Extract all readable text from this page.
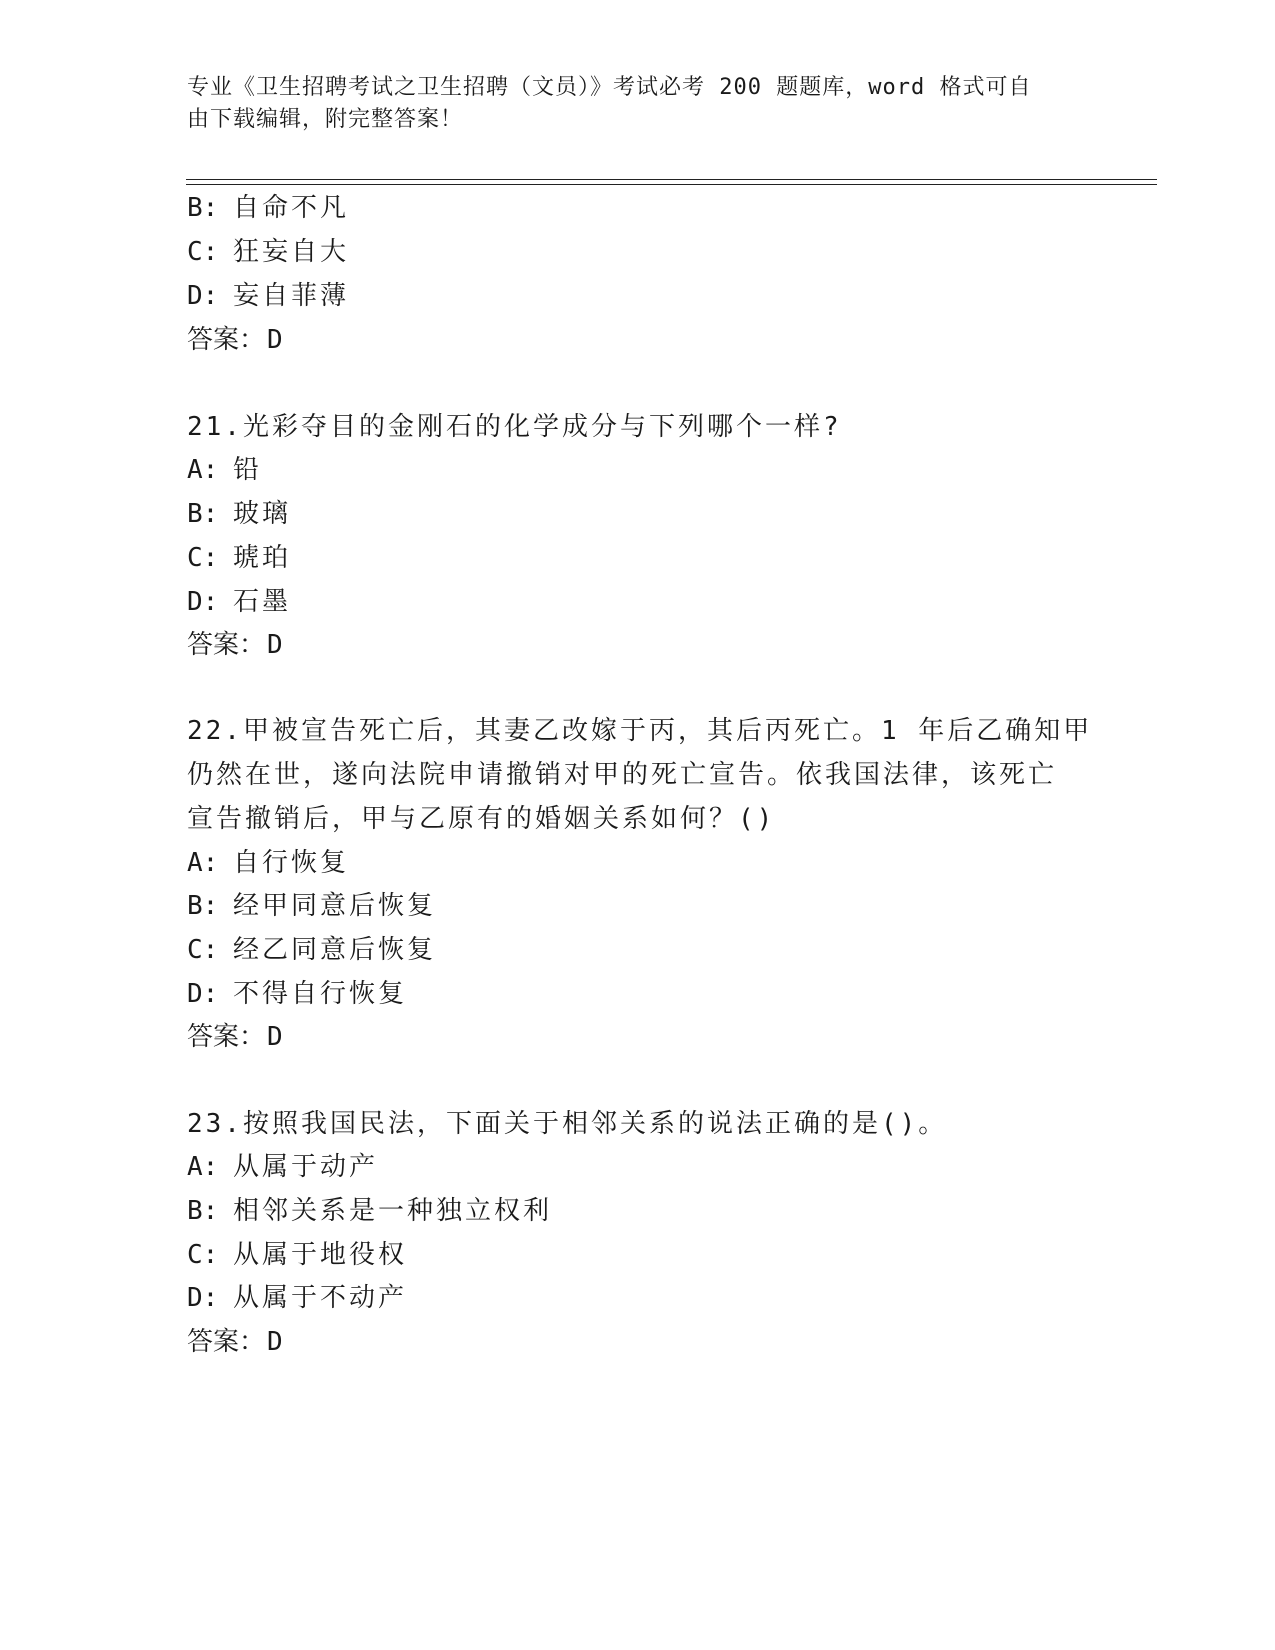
专业《卫生招聘考试之卫生招聘（文员）》考试必考 200 题题库，word 格式可自
由下载编辑，附完整答案！
B: 自命不凡
C: 狂妄自大
D: 妄自菲薄
答案：D
21.光彩夺目的金刚石的化学成分与下列哪个一样?
A: 铅
B: 玻璃
C: 琥珀
D: 石墨
答案：D
22.甲被宣告死亡后，其妻乙改嫁于丙，其后丙死亡。1 年后乙确知甲
仍然在世，遂向法院申请撤销对甲的死亡宣告。依我国法律，该死亡
宣告撤销后，甲与乙原有的婚姻关系如何？()
A: 自行恢复
B: 经甲同意后恢复
C: 经乙同意后恢复
D: 不得自行恢复
答案：D
23.按照我国民法，下面关于相邻关系的说法正确的是()。
A: 从属于动产
B: 相邻关系是一种独立权利
C: 从属于地役权
D: 从属于不动产
答案：D
